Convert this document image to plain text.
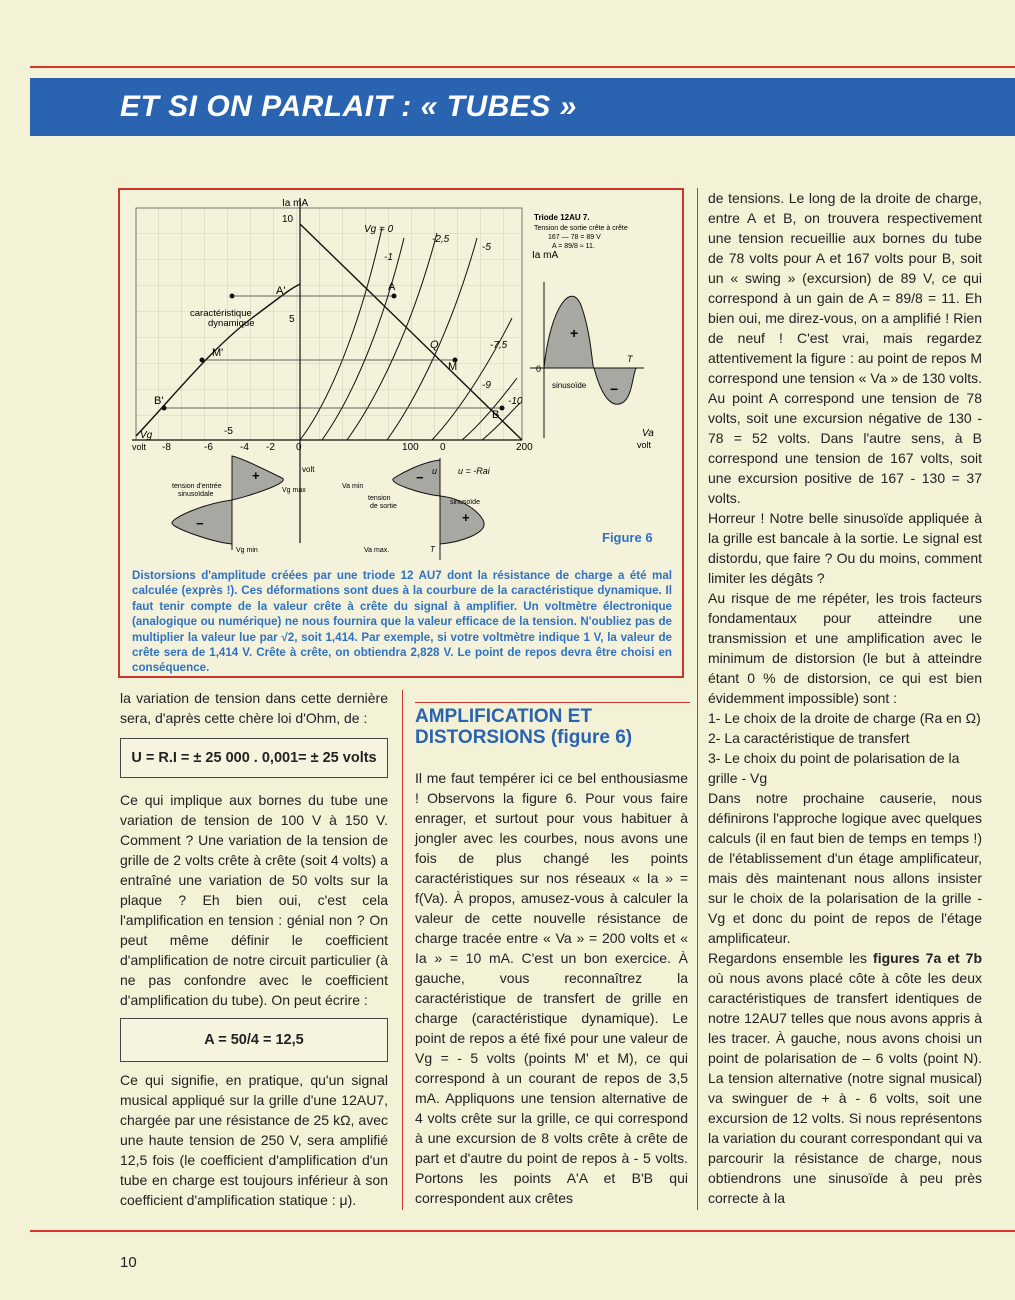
ET SI ON PARLAIT : « TUBES »
Ia mA
10
5
Vg = 0
-1
-2,5
-5
-7,5
-9
-10
A
A'
M
M'
B
B'
Q
caractéristique
dynamique
Vg
volt -8	-6	-4 -2
-5
0	100 0	200
Va
volt
volt
Ia mA
+
−
sinusoïde
T
0
Triode 12AU 7.
Tension de sortie crête à crête
167 — 78 = 89 V
A = 89/8 ≈ 11.
+
−
tension d'entrée
sinusoïdale
Vg max
Vg min
+
−
Va min
Va max.
tension
de sortie
sinusoïde
u = -Rai
u
T
Figure 6
Distorsions d'amplitude créées par une triode 12 AU7 dont la résistance de charge a été mal calculée (exprès !). Ces déformations sont dues à la courbure de la caractéristique dynamique. Il faut tenir compte de la valeur crête à crête du signal à amplifier. Un voltmètre électronique (analogique ou numérique) ne nous fournira que la valeur efficace de la tension. N'oubliez pas de multiplier la valeur lue par √2, soit 1,414. Par exemple, si votre voltmètre indique 1 V, la valeur de crête sera de 1,414 V. Crête à crête, on obtiendra 2,828 V. Le point de repos devra être choisi en conséquence.

la variation de tension dans cette dernière sera, d'après cette chère loi d'Ohm, de :

U = R.I = ± 25 000 . 0,001= ± 25 volts

Ce qui implique aux bornes du tube une variation de tension de 100 V à 150 V. Comment ? Une variation de la tension de grille de 2 volts crête à crête (soit 4 volts) a entraîné une variation de 50 volts sur la plaque ? Eh bien oui, c'est cela l'amplification en tension : génial non ? On peut même définir le coefficient d'amplification de notre circuit particulier (à ne pas confondre avec le coefficient d'amplification du tube). On peut écrire :

A = 50/4 = 12,5

Ce qui signifie, en pratique, qu'un signal musical appliqué sur la grille d'une 12AU7, chargée par une résistance de 25 kΩ, avec une haute tension de 250 V, sera amplifié 12,5 fois (le coefficient d'amplification d'un tube en charge est toujours inférieur à son coefficient d'amplification statique : μ).

AMPLIFICATION ET DISTORSIONS (figure 6)

Il me faut tempérer ici ce bel enthousiasme ! Observons la figure 6. Pour vous faire enrager, et surtout pour vous habituer à jongler avec les courbes, nous avons une fois de plus changé les points caractéristiques sur nos réseaux « Ia » = f(Va). À propos, amusez-vous à calculer la valeur de cette nouvelle résistance de charge tracée entre « Va » = 200 volts et « Ia » = 10 mA. C'est un bon exercice. À gauche, vous reconnaîtrez la caractéristique de transfert de grille en charge (caractéristique dynamique). Le point de repos a été fixé pour une valeur de Vg = - 5 volts (points M' et M), ce qui correspond à un courant de repos de 3,5 mA. Appliquons une tension alternative de 4 volts crête sur la grille, ce qui correspond à une excursion de 8 volts crête à crête de part et d'autre du point de repos à - 5 volts. Portons les points A'A et B'B qui correspondent aux crêtes

de tensions. Le long de la droite de charge, entre A et B, on trouvera respectivement une tension recueillie aux bornes du tube de 78 volts pour A et 167 volts pour B, soit un « swing » (excursion) de 89 V, ce qui correspond à un gain de A = 89/8 = 11. Eh bien oui, me direz-vous, on a amplifié ! Rien de neuf ! C'est vrai, mais regardez attentivement la figure : au point de repos M correspond une tension « Va » de 130 volts. Au point A correspond une tension de 78 volts, soit une excursion négative de 130 - 78 = 52 volts. Dans l'autre sens, à B correspond une tension de 167 volts, soit une excursion positive de 167 - 130 = 37 volts.

Horreur ! Notre belle sinusoïde appliquée à la grille est bancale à la sortie. Le signal est distordu, que faire ? Ou du moins, comment limiter les dégâts ?

Au risque de me répéter, les trois facteurs fondamentaux pour atteindre une transmission et une amplification avec le minimum de distorsion (le but à atteindre étant 0 % de distorsion, ce qui est bien évidemment impossible) sont :

1- Le choix de la droite de charge (Ra en Ω)

2- La caractéristique de transfert

3- Le choix du point de polarisation de la grille - Vg

Dans notre prochaine causerie, nous définirons l'approche logique avec quelques calculs (il en faut bien de temps en temps !) de l'établissement d'un étage amplificateur, mais dès maintenant nous allons insister sur le choix de la polarisation de la grille - Vg et donc du point de repos de l'étage amplificateur.

Regardons ensemble les figures 7a et 7b où nous avons placé côte à côte les deux caractéristiques de transfert identiques de notre 12AU7 telles que nous avons appris à les tracer. À gauche, nous avons choisi un point de polarisation de – 6 volts (point N). La tension alternative (notre signal musical) va swinguer de + à - 6 volts, soit une excursion de 12 volts. Si nous représentons la variation du courant correspondant qui va parcourir la résistance de charge, nous obtiendrons une sinusoïde à peu près correcte à la

10
